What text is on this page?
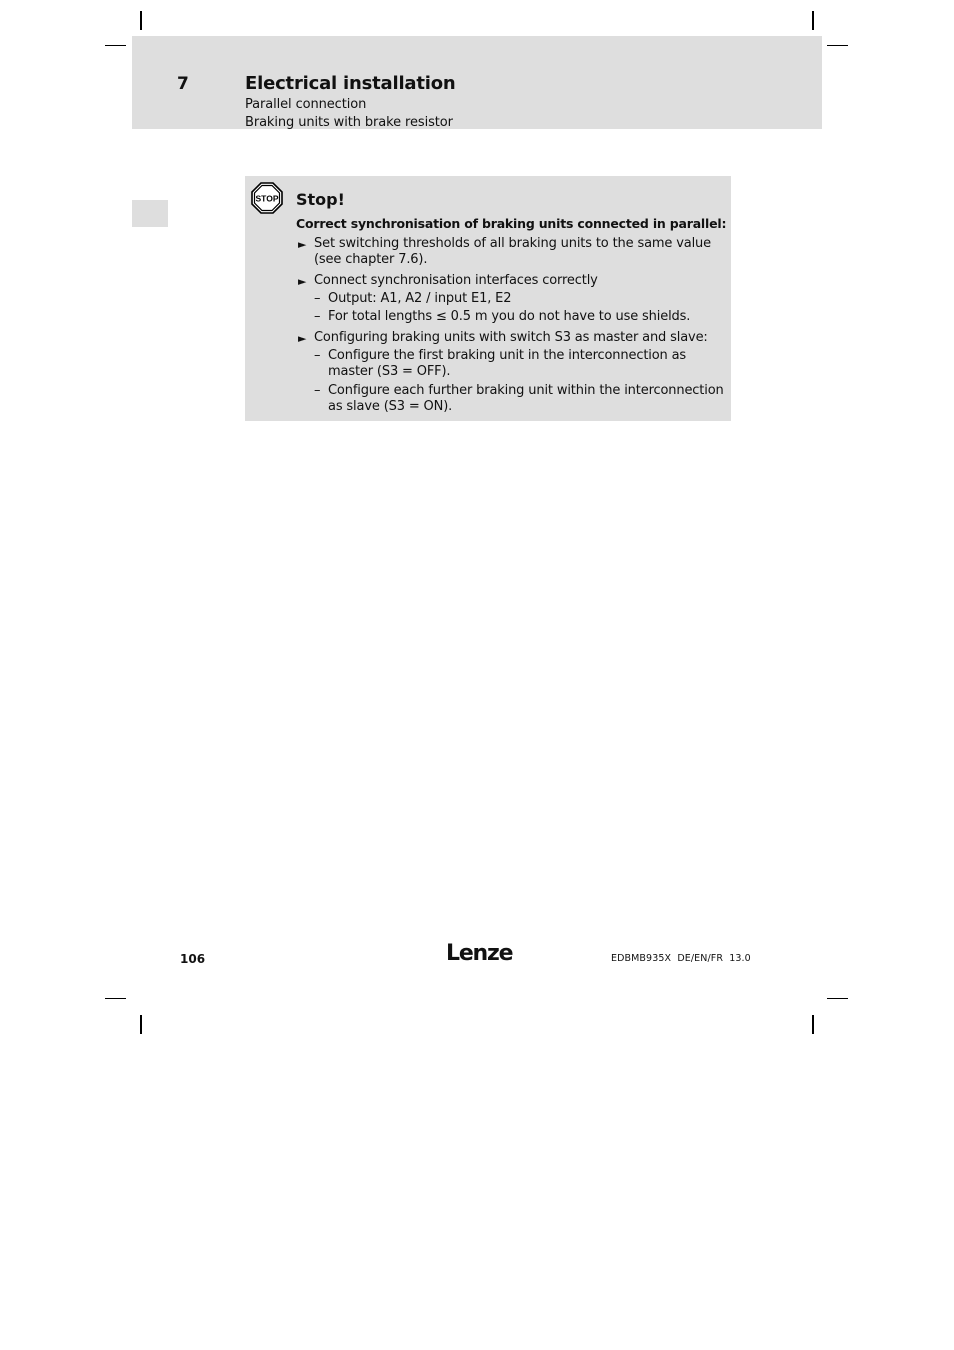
7	Electrical installation
Parallel connection
Braking units with brake resistor
STOP Stop!
Correct synchronisation of braking units connected in parallel:
► Set switching thresholds of all braking units to the same value
(see chapter 7.6).
► Connect synchronisation interfaces correctly
– Output: A1, A2 / input E1, E2
– For total lengths ≤ 0.5 m you do not have to use shields.
► Configuring braking units with switch S3 as master and slave:
– Configure the first braking unit in the interconnection as
master (S3 = OFF).
– Configure each further braking unit within the interconnection
as slave (S3 = ON).
106	Lenze	EDBMB935X  DE/EN/FR  13.0
